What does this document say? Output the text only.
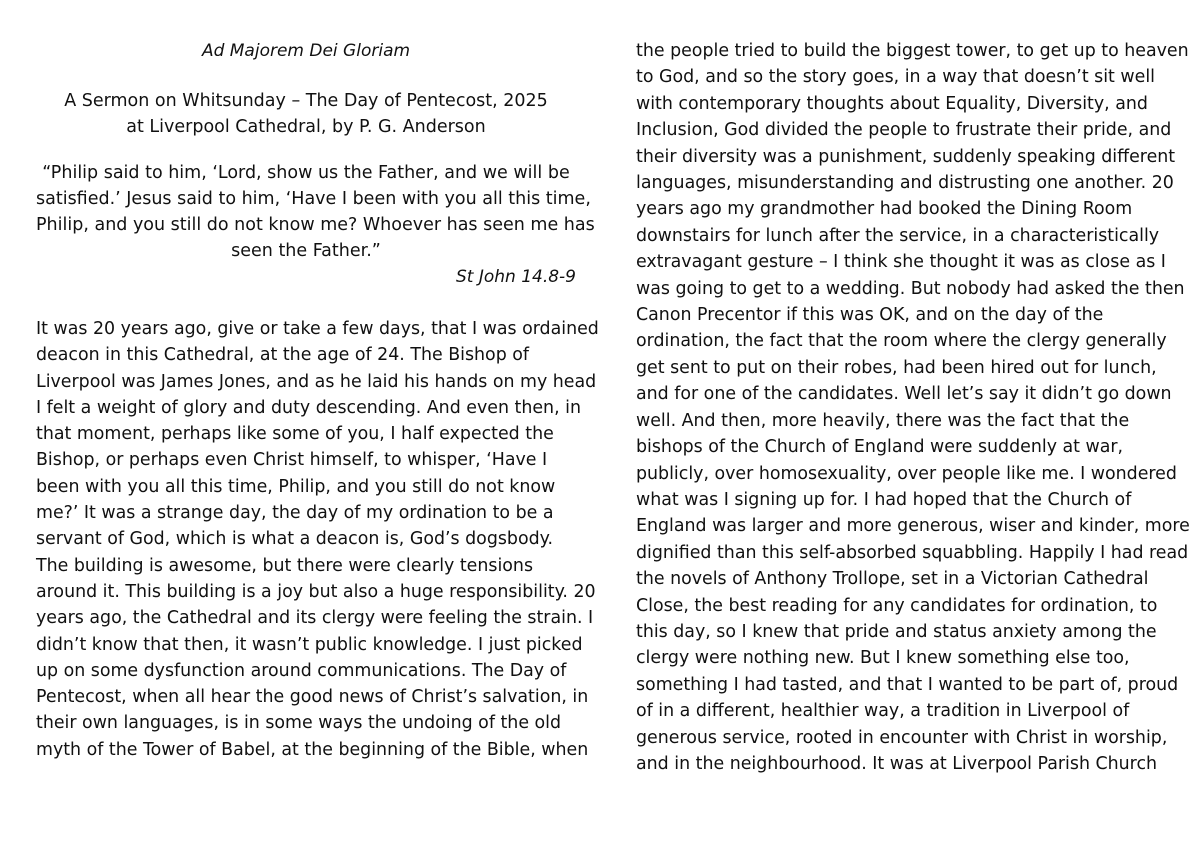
Ad Majorem Dei Gloriam

A Sermon on Whitsunday – The Day of Pentecost, 2025
at Liverpool Cathedral, by P. G. Anderson
“Philip said to him, ‘Lord, show us the Father, and we will be
satisfied.’ Jesus said to him, ‘Have I been with you all this time,
Philip, and you still do not know me? Whoever has seen me has
seen the Father.”

St John 14.8-9

It was 20 years ago, give or take a few days, that I was ordained
deacon in this Cathedral, at the age of 24. The Bishop of
Liverpool was James Jones, and as he laid his hands on my head
I felt a weight of glory and duty descending. And even then, in
that moment, perhaps like some of you, I half expected the
Bishop, or perhaps even Christ himself, to whisper, ‘Have I
been with you all this time, Philip, and you still do not know
me?’ It was a strange day, the day of my ordination to be a
servant of God, which is what a deacon is, God’s dogsbody.
The building is awesome, but there were clearly tensions
around it. This building is a joy but also a huge responsibility. 20
years ago, the Cathedral and its clergy were feeling the strain. I
didn’t know that then, it wasn’t public knowledge. I just picked
up on some dysfunction around communications. The Day of
Pentecost, when all hear the good news of Christ’s salvation, in
their own languages, is in some ways the undoing of the old
myth of the Tower of Babel, at the beginning of the Bible, when
the people tried to build the biggest tower, to get up to heaven
to God, and so the story goes, in a way that doesn’t sit well
with contemporary thoughts about Equality, Diversity, and
Inclusion, God divided the people to frustrate their pride, and
their diversity was a punishment, suddenly speaking different
languages, misunderstanding and distrusting one another. 20
years ago my grandmother had booked the Dining Room
downstairs for lunch after the service, in a characteristically
extravagant gesture – I think she thought it was as close as I
was going to get to a wedding. But nobody had asked the then
Canon Precentor if this was OK, and on the day of the
ordination, the fact that the room where the clergy generally
get sent to put on their robes, had been hired out for lunch,
and for one of the candidates. Well let’s say it didn’t go down
well. And then, more heavily, there was the fact that the
bishops of the Church of England were suddenly at war,
publicly, over homosexuality, over people like me. I wondered
what was I signing up for. I had hoped that the Church of
England was larger and more generous, wiser and kinder, more
dignified than this self-absorbed squabbling. Happily I had read
the novels of Anthony Trollope, set in a Victorian Cathedral
Close, the best reading for any candidates for ordination, to
this day, so I knew that pride and status anxiety among the
clergy were nothing new. But I knew something else too,
something I had tasted, and that I wanted to be part of, proud
of in a different, healthier way, a tradition in Liverpool of
generous service, rooted in encounter with Christ in worship,
and in the neighbourhood. It was at Liverpool Parish Church
